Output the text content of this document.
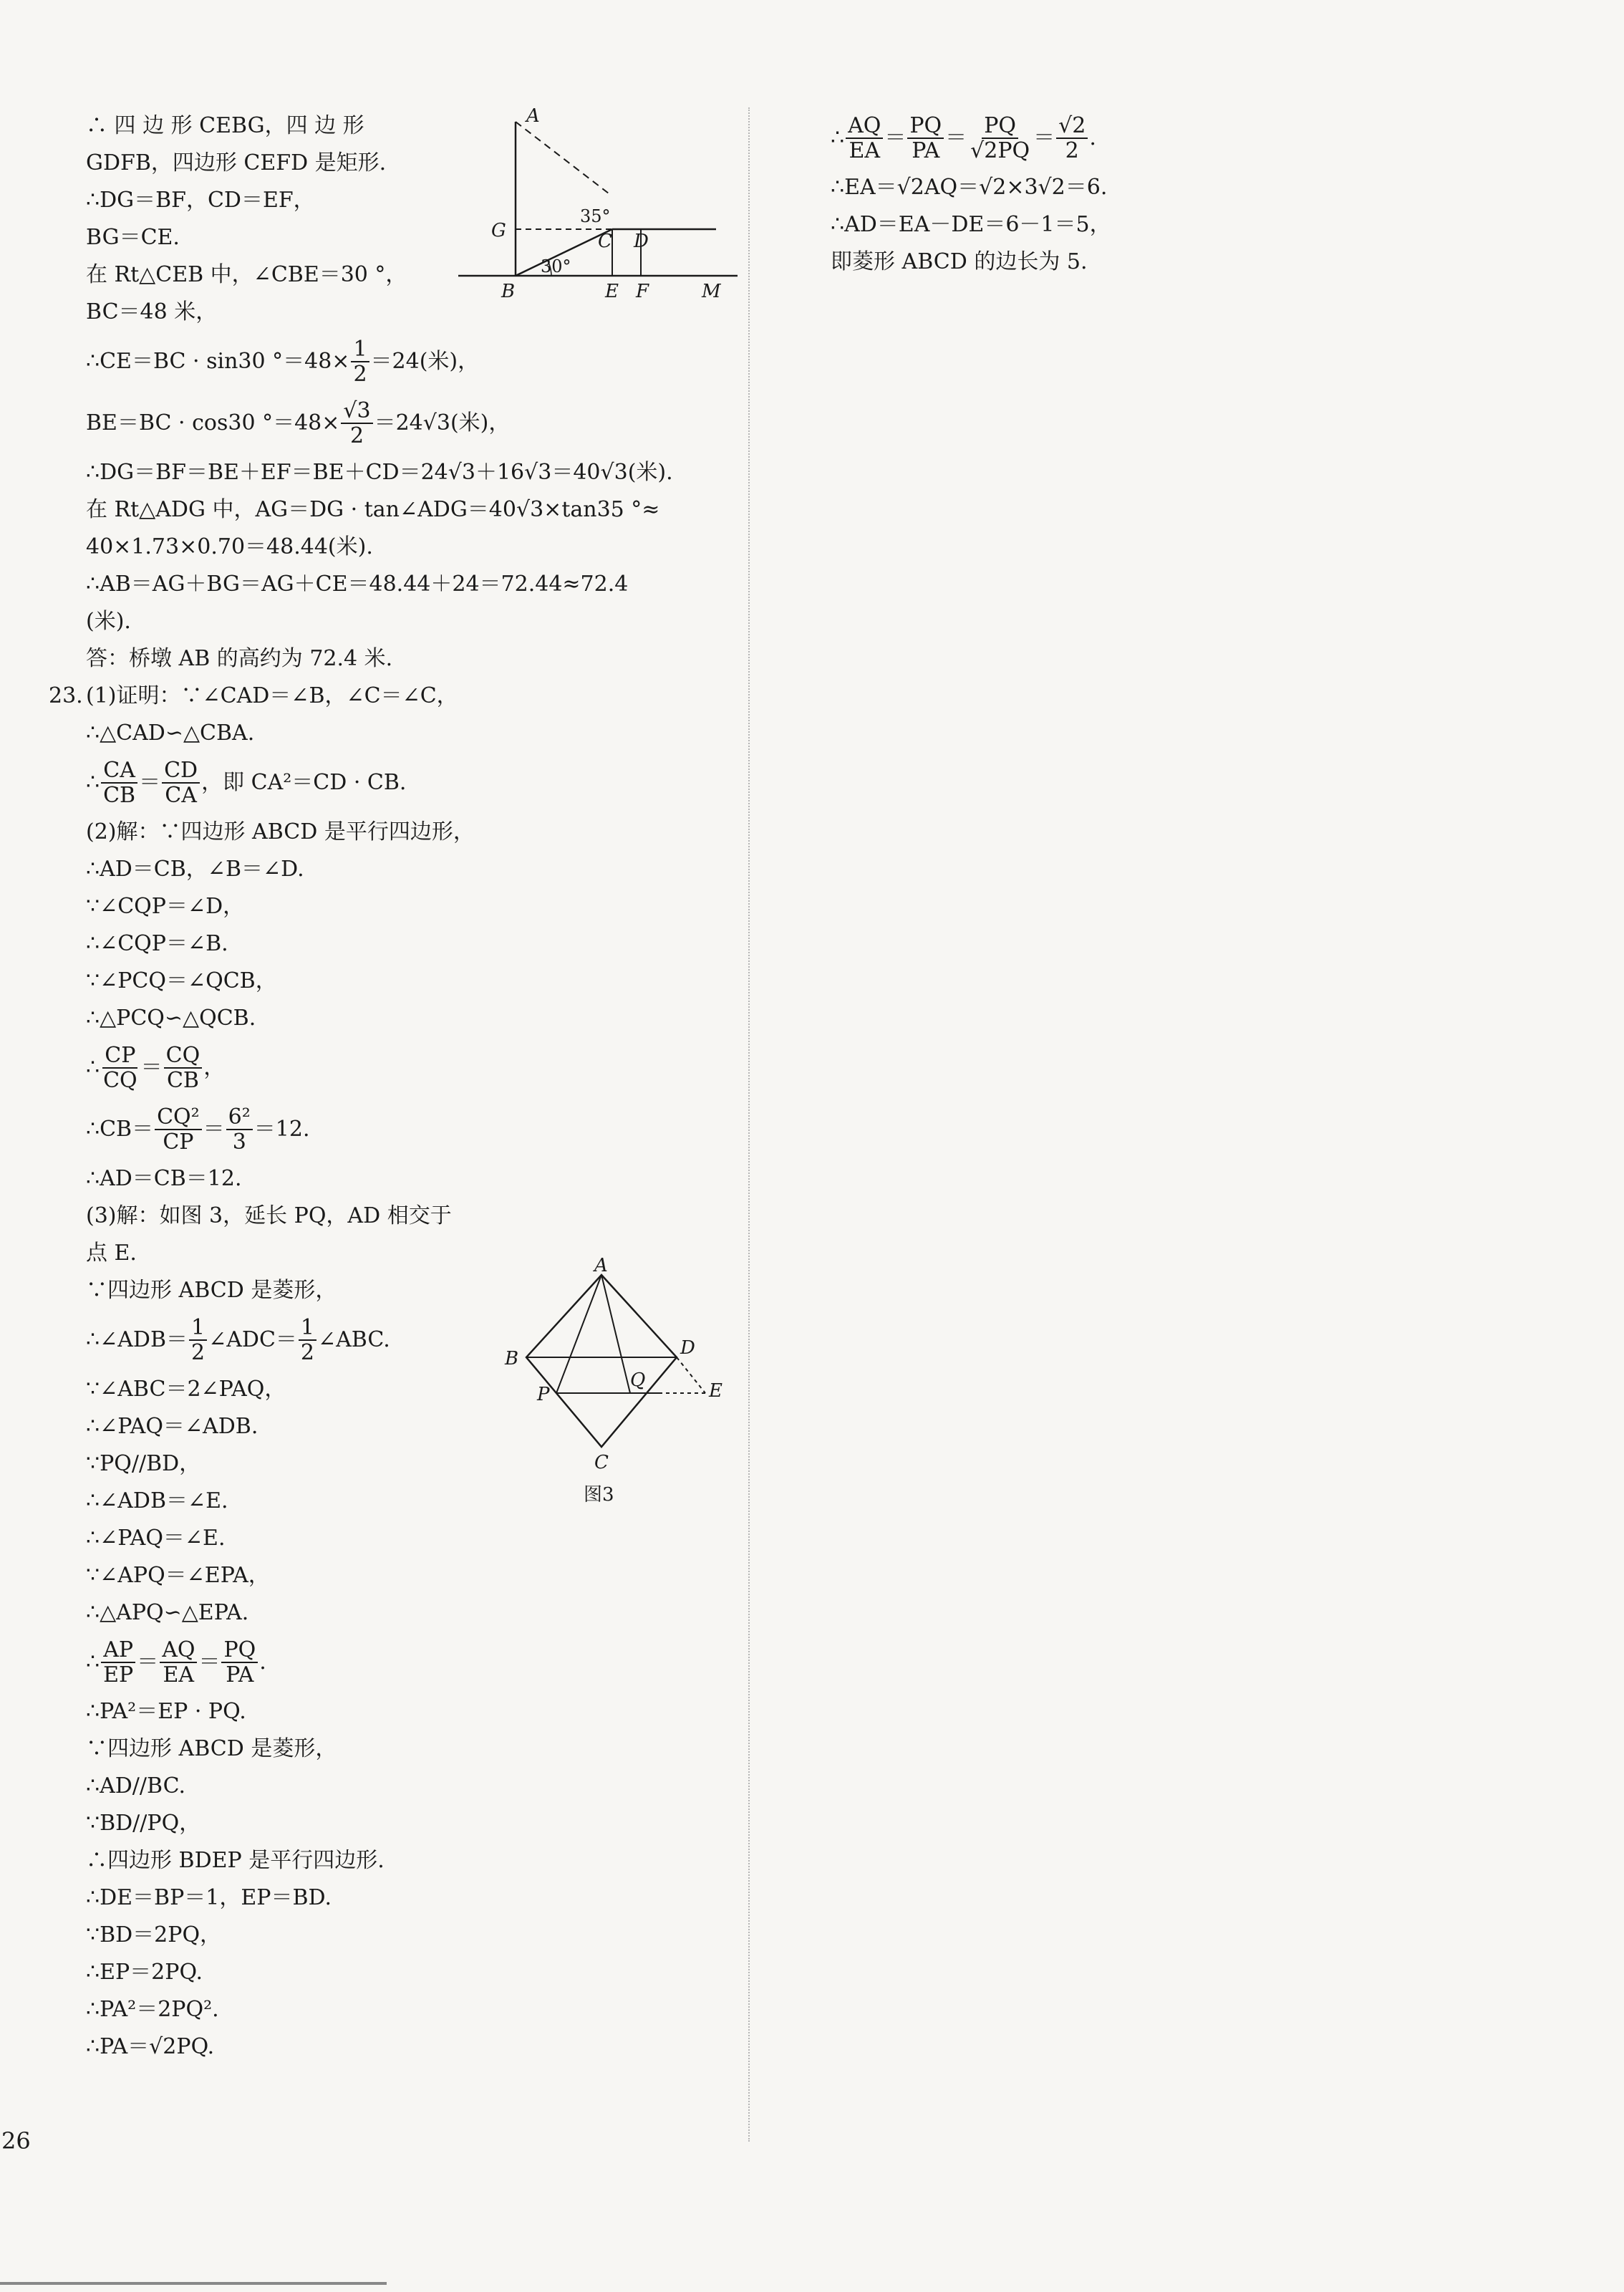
∴ 四 边 形 CEBG，四 边 形
GDFB，四边形 CEFD 是矩形.
∴DG＝BF，CD＝EF，
BG＝CE.
在 Rt△CEB 中，∠CBE＝30 °，
BC＝48 米，
∴CE＝BC · sin30 $^\circ=48\times \frac{1}{2} =24$(米)，
BE＝BC · cos30 $^\circ=48\times \frac{√3}{2} =24√3$(米)，
∴DG＝BF＝BE＋EF＝BE＋CD＝24√3＋16√3＝40√3(米).
在 Rt△ADG 中，AG＝DG · tan∠ADG＝40√3×tan35 °≈
40×1.73×0.70＝48.44(米).
∴AB＝AG＋BG＝AG＋CE＝48.44＋24＝72.44≈72.4
(米).
答：桥墩 AB 的高约为 72.4 米.
23. (1)证明：∵∠CAD＝∠B，∠C＝∠C，
∴△CAD∽△CBA.
∴ $\frac{CA}{CB} = \frac{CD}{CA}$ ，即 CA²＝CD · CB.
(2)解：∵四边形 ABCD 是平行四边形，
∴AD＝CB，∠B＝∠D.
∵∠CQP＝∠D，
∴∠CQP＝∠B.
∵∠PCQ＝∠QCB，
∴△PCQ∽△QCB.
∴ $\frac{CP}{CQ} = \frac{CQ}{CB}$ ，
∴CB＝ $\frac{\text{CQ²}}{CP} = \frac{\text{6²}}{3} =12$.
∴AD＝CB＝12.
(3)解：如图 3，延长 PQ，AD 相交于
点 E.
∵四边形 ABCD 是菱形，
∴∠ADB＝ $\frac{1}{2}$ ∠ADC＝ $\frac{1}{2}$ ∠ABC.
∵∠ABC＝2∠PAQ，
∴∠PAQ＝∠ADB.
∵PQ//BD，
∴∠ADB＝∠E.
∴∠PAQ＝∠E.
∵∠APQ＝∠EPA，
∴△APQ∽△EPA.
∴ $\frac{AP}{EP} = \frac{AQ}{EA} = \frac{PQ}{PA}$ .
∴PA²＝EP · PQ.
∵四边形 ABCD 是菱形，
∴AD//BC.
∵BD//PQ，
∴四边形 BDEP 是平行四边形.
∴DE＝BP＝1，EP＝BD.
∵BD＝2PQ，
∴EP＝2PQ.
∴PA²＝2PQ².
∴PA＝√2PQ.
A
G	C D
B	E F	M
35°
30°
A
B	D
Q
P	E
C
图3
∴ $\frac{AQ}{EA} = \frac{PQ}{PA} = \frac{PQ}{√2PQ} = \frac{√2}{2}$ .
∴EA＝√2AQ＝√2×3√2＝6.
∴AD＝EA－DE＝6－1＝5，
即菱形 ABCD 的边长为 5.
26
